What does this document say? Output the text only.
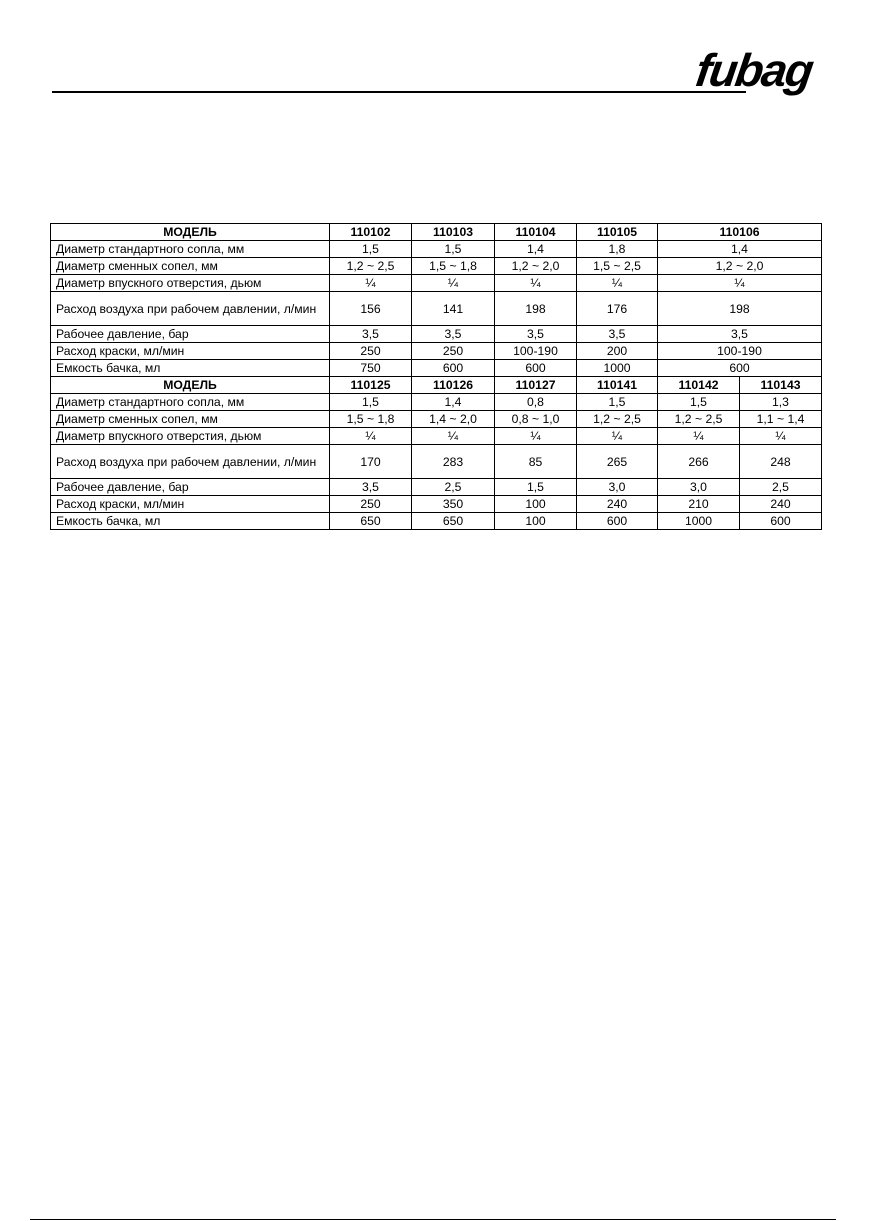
fubag
МОДЕЛЬ	110102	110103	110104	110105	110106	
Диаметр стандартного сопла, мм	1,5	1,5	1,4	1,8	1,4	
Диаметр сменных сопел, мм	1,2 ~ 2,5	1,5 ~ 1,8	1,2 ~ 2,0	1,5 ~ 2,5	1,2 ~ 2,0	
Диаметр впускного отверстия, дьюм	¼	¼	¼	¼	¼	
Расход воздуха при рабочем давлении, л/мин	156	141	198	176	198	
Рабочее давление, бар	3,5	3,5	3,5	3,5	3,5	
Расход краски, мл/мин	250	250	100-190	200	100-190	
Емкость бачка, мл	750	600	600	1000	600	
МОДЕЛЬ	110125	110126	110127	110141	110142	110143
Диаметр стандартного сопла, мм	1,5	1,4	0,8	1,5	1,5	1,3
Диаметр сменных сопел, мм	1,5 ~ 1,8	1,4 ~ 2,0	0,8 ~ 1,0	1,2 ~ 2,5	1,2 ~ 2,5	1,1 ~ 1,4
Диаметр впускного отверстия, дьюм	¼	¼	¼	¼	¼	¼
Расход воздуха при рабочем давлении, л/мин	170	283	85	265	266	248
Рабочее давление, бар	3,5	2,5	1,5	3,0	3,0	2,5
Расход краски, мл/мин	250	350	100	240	210	240
Емкость бачка, мл	650	650	100	600	1000	600
